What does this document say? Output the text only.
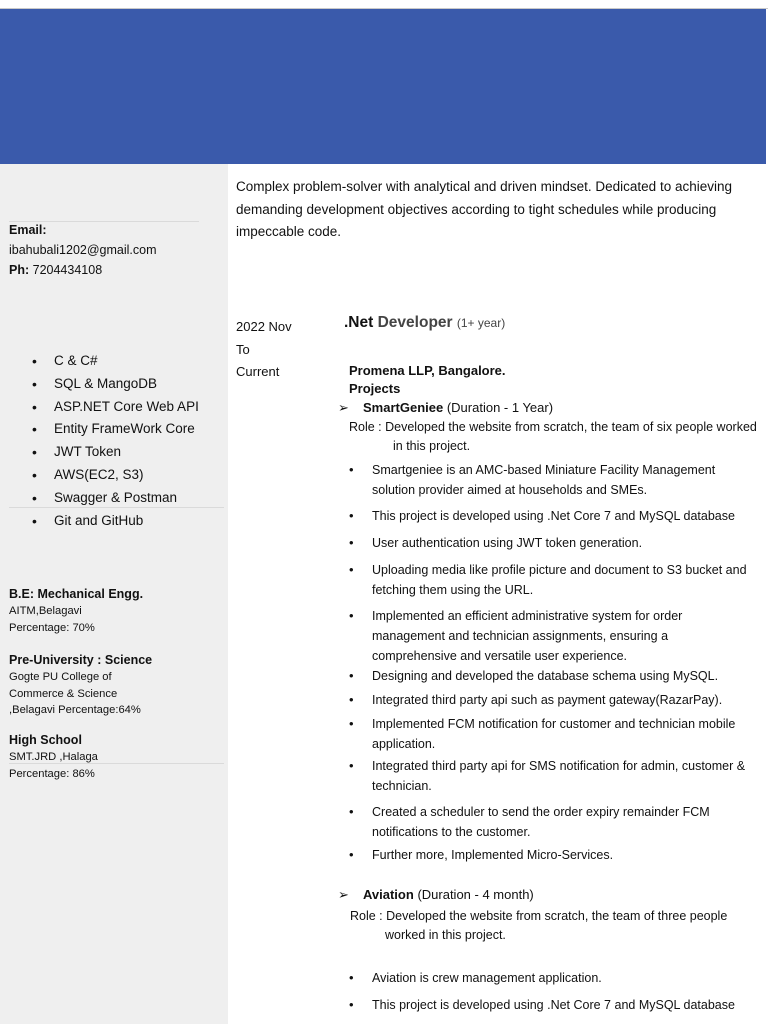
Email:
ibahubali1202@gmail.com
Ph: 7204434108
• C & C#
• SQL & MangoDB
• ASP.NET Core Web API
• Entity FrameWork Core
• JWT Token
• AWS(EC2, S3)
• Swagger & Postman
• Git and GitHub
B.E: Mechanical Engg.
AITM,Belagavi
Percentage: 70%
Pre-University : Science
Gogte PU College of
Commerce & Science
,Belagavi Percentage:64%
High School
SMT.JRD ,Halaga
Percentage: 86%
Complex problem-solver with analytical and driven mindset. Dedicated to achieving demanding development objectives according to tight schedules while producing impeccable code.
2022 Nov
To
Current
.Net Developer (1+ year)
Promena LLP, Bangalore.
Projects
➢ SmartGeniee (Duration - 1 Year)
Role : Developed the website from scratch, the team of six people worked
in this project.
• Smartgeniee is an AMC-based Miniature Facility Management solution provider aimed at households and SMEs.
• This project is developed using .Net Core 7 and MySQL database
• User authentication using JWT token generation.
• Uploading media like profile picture and document to S3 bucket and fetching them using the URL.
• Implemented an efficient administrative system for order management and technician assignments, ensuring a comprehensive and versatile user experience.
• Designing and developed the database schema using MySQL.
• Integrated third party api such as payment gateway(RazarPay).
• Implemented FCM notification for customer and technician mobile application.
• Integrated third party api for SMS notification for admin, customer & technician.
• Created a scheduler to send the order expiry remainder FCM notifications to the customer.
• Further more, Implemented Micro-Services.
➢ Aviation (Duration - 4 month)
Role : Developed the website from scratch, the team of three people
worked in this project.
• Aviation is crew management application.
• This project is developed using .Net Core 7 and MySQL database
